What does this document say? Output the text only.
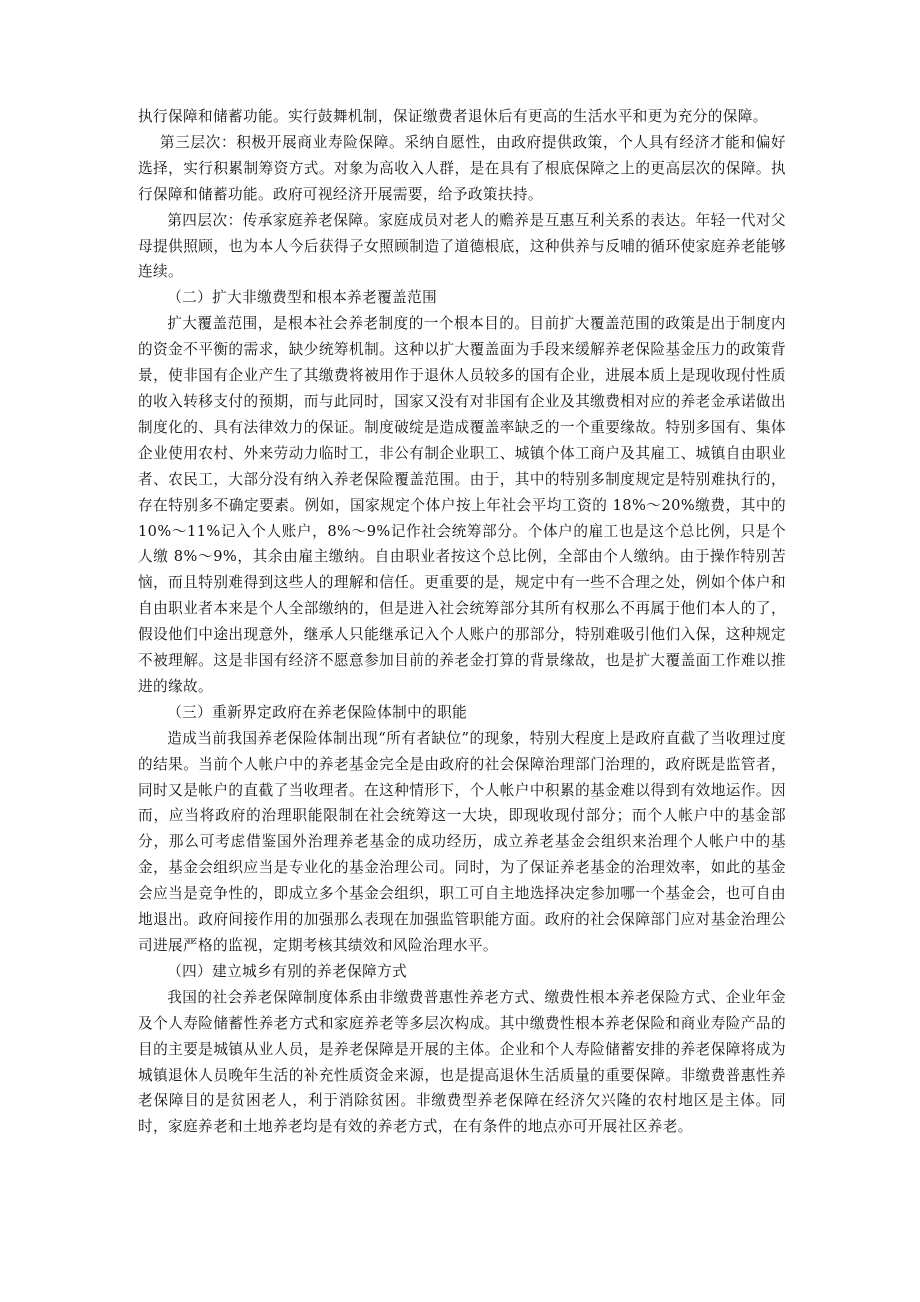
执行保障和储蓄功能。实行鼓舞机制，保证缴费者退休后有更高的生活水平和更为充分的保障。

第三层次：积极开展商业寿险保障。采纳自愿性，由政府提供政策，个人具有经济才能和偏好选择，实行积累制筹资方式。对象为高收入人群，是在具有了根底保障之上的更高层次的保障。执行保障和储蓄功能。政府可视经济开展需要，给予政策扶持。

第四层次：传承家庭养老保障。家庭成员对老人的赡养是互惠互利关系的表达。年轻一代对父母提供照顾，也为本人今后获得子女照顾制造了道德根底，这种供养与反哺的循环使家庭养老能够连续。

（二）扩大非缴费型和根本养老覆盖范围

扩大覆盖范围，是根本社会养老制度的一个根本目的。目前扩大覆盖范围的政策是出于制度内的资金不平衡的需求，缺少统筹机制。这种以扩大覆盖面为手段来缓解养老保险基金压力的政策背景，使非国有企业产生了其缴费将被用作于退休人员较多的国有企业，进展本质上是现收现付性质的收入转移支付的预期，而与此同时，国家又没有对非国有企业及其缴费相对应的养老金承诺做出制度化的、具有法律效力的保证。制度破绽是造成覆盖率缺乏的一个重要缘故。特别多国有、集体企业使用农村、外来劳动力临时工，非公有制企业职工、城镇个体工商户及其雇工、城镇自由职业者、农民工，大部分没有纳入养老保险覆盖范围。由于，其中的特别多制度规定是特别难执行的，存在特别多不确定要素。例如，国家规定个体户按上年社会平均工资的 18%～20%缴费，其中的 10%～11%记入个人账户，8%～9%记作社会统筹部分。个体户的雇工也是这个总比例，只是个人缴 8%～9%，其余由雇主缴纳。自由职业者按这个总比例，全部由个人缴纳。由于操作特别苦恼，而且特别难得到这些人的理解和信任。更重要的是，规定中有一些不合理之处，例如个体户和自由职业者本来是个人全部缴纳的，但是进入社会统筹部分其所有权那么不再属于他们本人的了，假设他们中途出现意外，继承人只能继承记入个人账户的那部分，特别难吸引他们入保，这种规定不被理解。这是非国有经济不愿意参加目前的养老金打算的背景缘故，也是扩大覆盖面工作难以推进的缘故。

（三）重新界定政府在养老保险体制中的职能

造成当前我国养老保险体制出现“所有者缺位”的现象，特别大程度上是政府直截了当收理过度的结果。当前个人帐户中的养老基金完全是由政府的社会保障治理部门治理的，政府既是监管者，同时又是帐户的直截了当收理者。在这种情形下，个人帐户中积累的基金难以得到有效地运作。因而，应当将政府的治理职能限制在社会统筹这一大块，即现收现付部分；而个人帐户中的基金部分，那么可考虑借鉴国外治理养老基金的成功经历，成立养老基金会组织来治理个人帐户中的基金，基金会组织应当是专业化的基金治理公司。同时，为了保证养老基金的治理效率，如此的基金会应当是竞争性的，即成立多个基金会组织，职工可自主地选择决定参加哪一个基金会，也可自由地退出。政府间接作用的加强那么表现在加强监管职能方面。政府的社会保障部门应对基金治理公司进展严格的监视，定期考核其绩效和风险治理水平。

（四）建立城乡有别的养老保障方式

我国的社会养老保障制度体系由非缴费普惠性养老方式、缴费性根本养老保险方式、企业年金及个人寿险储蓄性养老方式和家庭养老等多层次构成。其中缴费性根本养老保险和商业寿险产品的目的主要是城镇从业人员，是养老保障是开展的主体。企业和个人寿险储蓄安排的养老保障将成为城镇退休人员晚年生活的补充性质资金来源，也是提高退休生活质量的重要保障。非缴费普惠性养老保障目的是贫困老人，利于消除贫困。非缴费型养老保障在经济欠兴隆的农村地区是主体。同时，家庭养老和土地养老均是有效的养老方式，在有条件的地点亦可开展社区养老。
